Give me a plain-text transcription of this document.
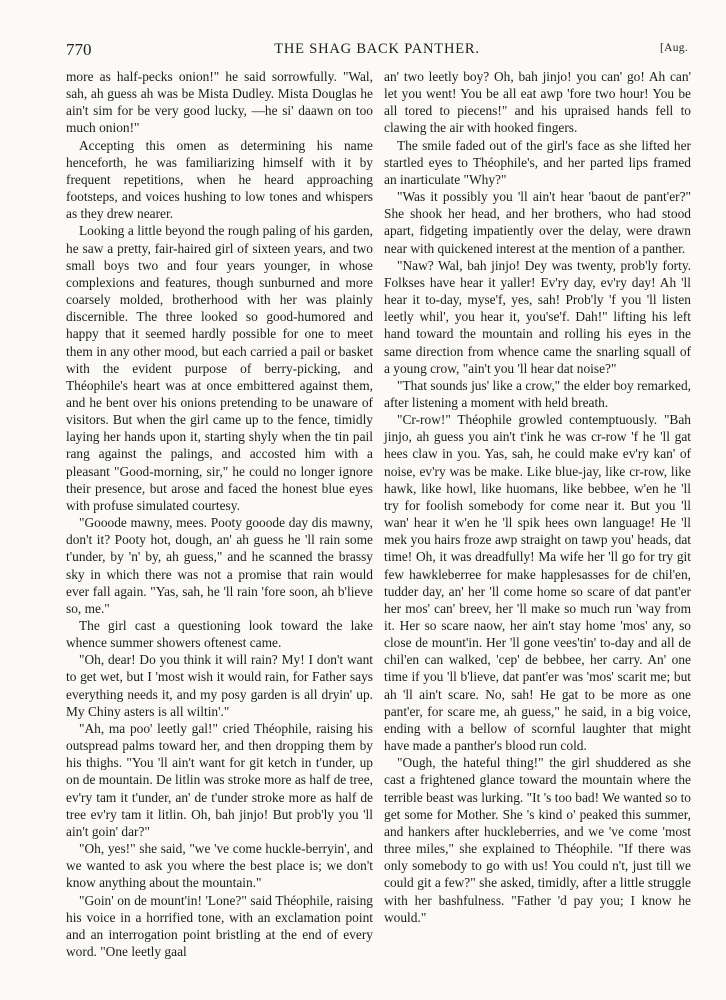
770	THE SHAG BACK PANTHER.	[Aug.

more as half-pecks onion!" he said sorrowfully. "Wal, sah, ah guess ah was be Mista Dudley. Mista Douglas he ain't sim for be very good lucky, —he si' daawn on too much onion!"

Accepting this omen as determining his name henceforth, he was familiarizing himself with it by frequent repetitions, when he heard approaching footsteps, and voices hushing to low tones and whispers as they drew nearer.

Looking a little beyond the rough paling of his garden, he saw a pretty, fair-haired girl of sixteen years, and two small boys two and four years younger, in whose complexions and features, though sunburned and more coarsely molded, brotherhood with her was plainly discernible. The three looked so good-humored and happy that it seemed hardly possible for one to meet them in any other mood, but each carried a pail or basket with the evident purpose of berry-picking, and Théophile's heart was at once embittered against them, and he bent over his onions pretending to be unaware of visitors. But when the girl came up to the fence, timidly laying her hands upon it, starting shyly when the tin pail rang against the palings, and accosted him with a pleasant "Good-morning, sir," he could no longer ignore their presence, but arose and faced the honest blue eyes with profuse simulated courtesy.

"Gooode mawny, mees. Pooty gooode day dis mawny, don't it? Pooty hot, dough, an' ah guess he 'll rain some t'under, by 'n' by, ah guess," and he scanned the brassy sky in which there was not a promise that rain would ever fall again. "Yas, sah, he 'll rain 'fore soon, ah b'lieve so, me."

The girl cast a questioning look toward the lake whence summer showers oftenest came.

"Oh, dear! Do you think it will rain? My! I don't want to get wet, but I 'most wish it would rain, for Father says everything needs it, and my posy garden is all dryin' up. My Chiny asters is all wiltin'."

"Ah, ma poo' leetly gal!" cried Théophile, raising his outspread palms toward her, and then dropping them by his thighs. "You 'll ain't want for git ketch in t'under, up on de mountain. De litlin was stroke more as half de tree, ev'ry tam it t'under, an' de t'under stroke more as half de tree ev'ry tam it litlin. Oh, bah jinjo! But prob'ly you 'll ain't goin' dar?"

"Oh, yes!" she said, "we 've come huckle-berryin', and we wanted to ask you where the best place is; we don't know anything about the mountain."

"Goin' on de mount'in! 'Lone?" said Théophile, raising his voice in a horrified tone, with an exclamation point and an interrogation point bristling at the end of every word. "One leetly gaal

an' two leetly boy? Oh, bah jinjo! you can' go! Ah can' let you went! You be all eat awp 'fore two hour! You be all tored to piecens!" and his upraised hands fell to clawing the air with hooked fingers.

The smile faded out of the girl's face as she lifted her startled eyes to Théophile's, and her parted lips framed an inarticulate "Why?"

"Was it possibly you 'll ain't hear 'baout de pant'er?" She shook her head, and her brothers, who had stood apart, fidgeting impatiently over the delay, were drawn near with quickened interest at the mention of a panther.

"Naw? Wal, bah jinjo! Dey was twenty, prob'ly forty. Folkses have hear it yaller! Ev'ry day, ev'ry day! Ah 'll hear it to-day, myse'f, yes, sah! Prob'ly 'f you 'll listen leetly whil', you hear it, you'se'f. Dah!" lifting his left hand toward the mountain and rolling his eyes in the same direction from whence came the snarling squall of a young crow, "ain't you 'll hear dat noise?"

"That sounds jus' like a crow," the elder boy remarked, after listening a moment with held breath.

"Cr-row!" Théophile growled contemptuously. "Bah jinjo, ah guess you ain't t'ink he was cr-row 'f he 'll gat hees claw in you. Yas, sah, he could make ev'ry kan' of noise, ev'ry was be make. Like blue-jay, like cr-row, like hawk, like howl, like huomans, like bebbee, w'en he 'll try for foolish somebody for come near it. But you 'll wan' hear it w'en he 'll spik hees own language! He 'll mek you hairs froze awp straight on tawp you' heads, dat time! Oh, it was dreadfully! Ma wife her 'll go for try git few hawkleberree for make happlesasses for de chil'en, tudder day, an' her 'll come home so scare of dat pant'er her mos' can' breev, her 'll make so much run 'way from it. Her so scare naow, her ain't stay home 'mos' any, so close de mount'in. Her 'll gone vees'tin' to-day and all de chil'en can walked, 'cep' de bebbee, her carry. An' one time if you 'll b'lieve, dat pant'er was 'mos' scarit me; but ah 'll ain't scare. No, sah! He gat to be more as one pant'er, for scare me, ah guess," he said, in a big voice, ending with a bellow of scornful laughter that might have made a panther's blood run cold.

"Ough, the hateful thing!" the girl shuddered as she cast a frightened glance toward the mountain where the terrible beast was lurking. "It 's too bad! We wanted so to get some for Mother. She 's kind o' peaked this summer, and hankers after huckleberries, and we 've come 'most three miles," she explained to Théophile. "If there was only somebody to go with us! You could n't, just till we could git a few?" she asked, timidly, after a little struggle with her bashfulness. "Father 'd pay you; I know he would."
